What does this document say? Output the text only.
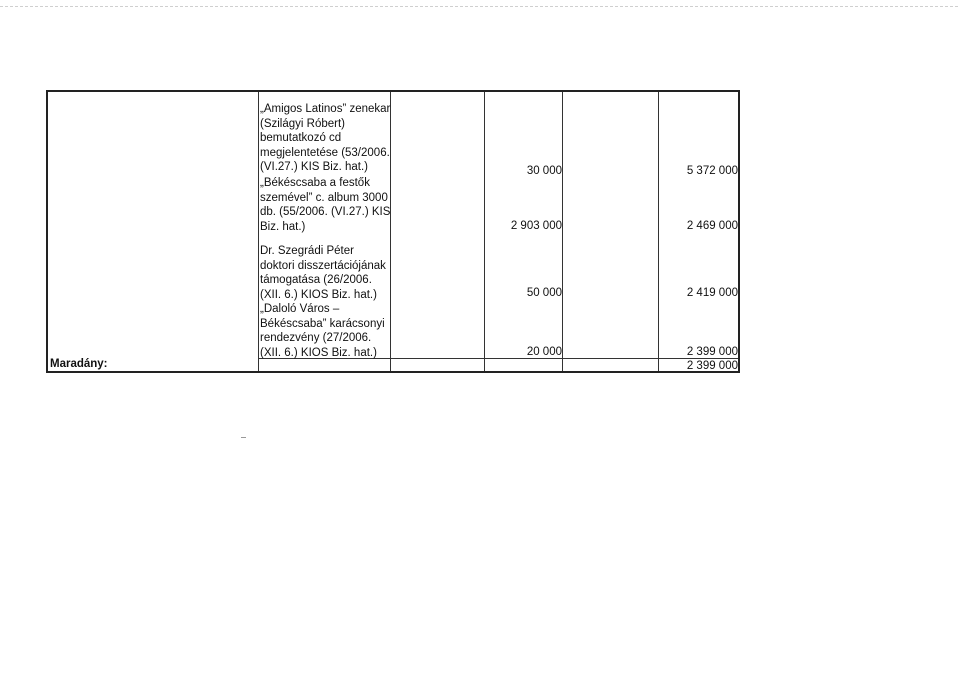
„Amigos Latinos” zenekar
(Szilágyi Róbert)
bemutatkozó cd
megjelentetése (53/2006.
(VI.27.) KIS Biz. hat.)	30 000	5 372 000
„Békéscsaba a festők
szemével” c. album 3000
db. (55/2006. (VI.27.) KIS
Biz. hat.)	2 903 000	2 469 000
Dr. Szegrádi Péter
doktori disszertációjának
támogatása (26/2006.
(XII. 6.) KIOS Biz. hat.)	50 000	2 419 000
„Daloló Város –
Békéscsaba” karácsonyi
rendezvény (27/2006.
(XII. 6.) KIOS Biz. hat.)	20 000	2 399 000
Maradány:	2 399 000
